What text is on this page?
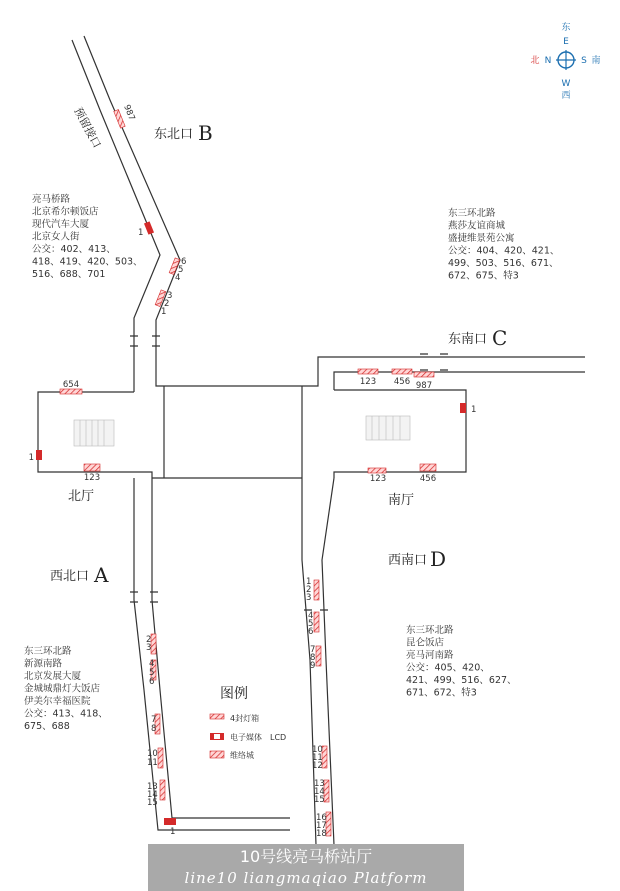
东
E
北 N	S 南
W
西
东北口 B
东南口 C
西北口 A
西南口 D
预留接口
北厅	南厅
亮马桥路 北京希尔顿饭店 现代汽车大厦 北京女人街 公交：402、413、 418、419、420、503、 516、688、701
东三环北路 燕莎友谊商城 盛捷维景苑公寓 公交：404、420、421、 499、503、516、671、 672、675、特3
东三环北路 新源南路 北京发展大厦 金城城鼎灯大饭店 伊美尔幸福医院 公交：413、418、 675、688
东三环北路 昆仑饭店 亮马河南路 公交：405、420、 421、499、516、627、 671、672、特3
654
123
1
123 456 987
123	456
1
987
1
6 5 4 3 2 1
1
2 3 4 5 6 7 8 10 11 13 14 15
1 2 3 4 5 6 7 8 9 10 11 12 13 14 15 16 17 18
图例
4封灯箱
电子媒体　LCD
维络城
10号线亮马桥站厅
line10 liangmaqiao Platform
